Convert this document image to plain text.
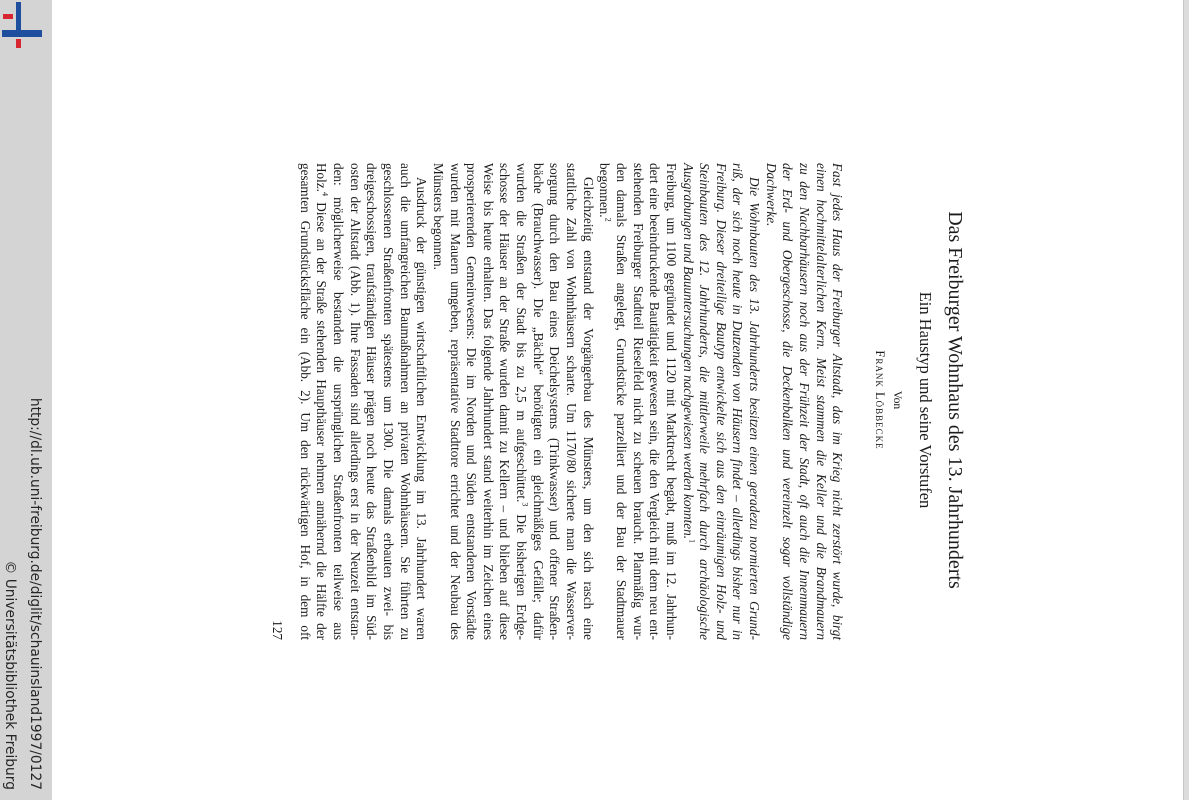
http://dl.ub.uni-freiburg.de/diglit/schauinsland1997/0127
© Universitätsbibliothek Freiburg
Das Freiburger Wohnhaus des 13. Jahrhunderts
Ein Haustyp und seine Vorstufen
Von
Frank Löbbecke
Fast jedes Haus der Freiburger Altstadt, das im Krieg nicht zerstört wurde, birgt
einen hochmittelalterlichen Kern. Meist stammen die Keller und die Brandmauern
zu den Nachbarhäusern noch aus der Frühzeit der Stadt, oft auch die Innenmauern
der Erd- und Obergeschosse, die Deckenbalken und vereinzelt sogar vollständige
Dachwerke.
Die Wohnbauten des 13. Jahrhunderts besitzen einen geradezu normierten Grund-
riß, der sich noch heute in Dutzenden von Häusern findet – allerdings bisher nur in
Freiburg. Dieser dreiteilige Bautyp entwickelte sich aus den einräumigen Holz- und
Steinbauten des 12. Jahrhunderts, die mittlerweile mehrfach durch archäologische
Ausgrabungen und Bauuntersuchungen nachgewiesen werden konnten.$^1$
Freiburg, um 1100 gegründet und 1120 mit Marktrecht begabt, muß im 12. Jahrhun-
dert eine beeindruckende Bautätigkeit gewesen sein, die den Vergleich mit dem neu ent-
stehenden Freiburger Stadtteil Rieselfeld nicht zu scheuen braucht. Planmäßig wur-
den damals Straßen angelegt, Grundstücke parzelliert und der Bau der Stadtmauer
begonnen.$^2$
Gleichzeitig entstand der Vorgängerbau des Münsters, um den sich rasch eine
stattliche Zahl von Wohnhäusern scharte. Um 1170/80 sicherte man die Wasserver-
sorgung durch den Bau eines Deichelsystems (Trinkwasser) und offener Straßen-
bäche (Brauchwasser). Die „Bächle“ benötigten ein gleichmäßiges Gefälle; dafür
wurden die Straßen der Stadt bis zu 2,5 m aufgeschüttet.$^3$ Die bisherigen Erdge-
schosse der Häuser an der Straße wurden damit zu Kellern – und blieben auf diese
Weise bis heute erhalten. Das folgende Jahrhundert stand weiterhin im Zeichen eines
prosperierenden Gemeinwesens: Die im Norden und Süden entstandenen Vorstädte
wurden mit Mauern umgeben, repräsentative Stadttore errichtet und der Neubau des
Münsters begonnen.
Ausdruck der günstigen wirtschaftlichen Entwicklung im 13. Jahrhundert waren
auch die umfangreichen Baumaßnahmen an privaten Wohnhäusern. Sie führten zu
geschlossenen Straßenfronten spätestens um 1300. Die damals erbauten zwei- bis
dreigeschossigen, traufständigen Häuser prägen noch heute das Straßenbild im Süd-
osten der Altstadt (Abb. 1). Ihre Fassaden sind allerdings erst in der Neuzeit entstan-
den: möglicherweise bestanden die ursprünglichen Straßenfronten teilweise aus
Holz.$^4$ Diese an der Straße stehenden Haupthäuser nehmen annähernd die Hälfte der
gesamten Grundstücksfläche ein (Abb. 2). Um den rückwärtigen Hof, in dem oft
127
